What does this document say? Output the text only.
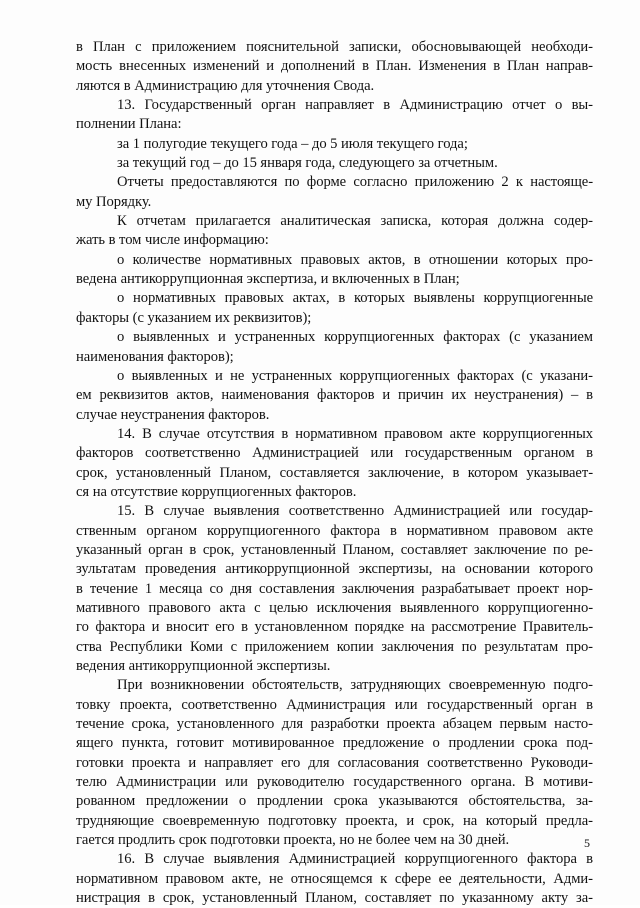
в План с приложением пояснительной записки, обосновывающей необходи-
мость внесенных изменений и дополнений в План. Изменения в План направ-
ляются в Администрацию для уточнения Свода.
13. Государственный орган направляет в Администрацию отчет о вы-
полнении Плана:
за 1 полугодие текущего года – до 5 июля текущего года;
за текущий год – до 15 января года, следующего за отчетным.
Отчеты предоставляются по форме согласно приложению 2 к настояще-
му Порядку.
К отчетам прилагается аналитическая записка, которая должна содер-
жать в том числе информацию:
о количестве нормативных правовых актов, в отношении которых про-
ведена антикоррупционная экспертиза, и включенных в План;
о нормативных правовых актах, в которых выявлены коррупциогенные
факторы (с указанием их реквизитов);
о выявленных и устраненных коррупциогенных факторах (с указанием
наименования факторов);
о выявленных и не устраненных коррупциогенных факторах (с указани-
ем реквизитов актов, наименования факторов и причин их неустранения) – в
случае неустранения факторов.
14. В случае отсутствия в нормативном правовом акте коррупциогенных
факторов соответственно Администрацией или государственным органом в
срок, установленный Планом, составляется заключение, в котором указывает-
ся на отсутствие коррупциогенных факторов.
15. В случае выявления соответственно Администрацией или государ-
ственным органом коррупциогенного фактора в нормативном правовом акте
указанный орган в срок, установленный Планом, составляет заключение по ре-
зультатам проведения антикоррупционной экспертизы, на основании которого
в течение 1 месяца со дня составления заключения разрабатывает проект нор-
мативного правового акта с целью исключения выявленного коррупциогенно-
го фактора и вносит его в установленном порядке на рассмотрение Правитель-
ства Республики Коми с приложением копии заключения по результатам про-
ведения антикоррупционной экспертизы.
При возникновении обстоятельств, затрудняющих своевременную подго-
товку проекта, соответственно Администрация или государственный орган в
течение срока, установленного для разработки проекта абзацем первым насто-
ящего пункта, готовит мотивированное предложение о продлении срока под-
готовки проекта и направляет его для согласования соответственно Руководи-
телю Администрации или руководителю государственного органа. В мотиви-
рованном предложении о продлении срока указываются обстоятельства, за-
трудняющие своевременную подготовку проекта, и срок, на который предла-
гается продлить срок подготовки проекта, но не более чем на 30 дней.
16. В случае выявления Администрацией коррупциогенного фактора в
нормативном правовом акте, не относящемся к сфере ее деятельности, Адми-
нистрация в срок, установленный Планом, составляет по указанному акту за-
5
